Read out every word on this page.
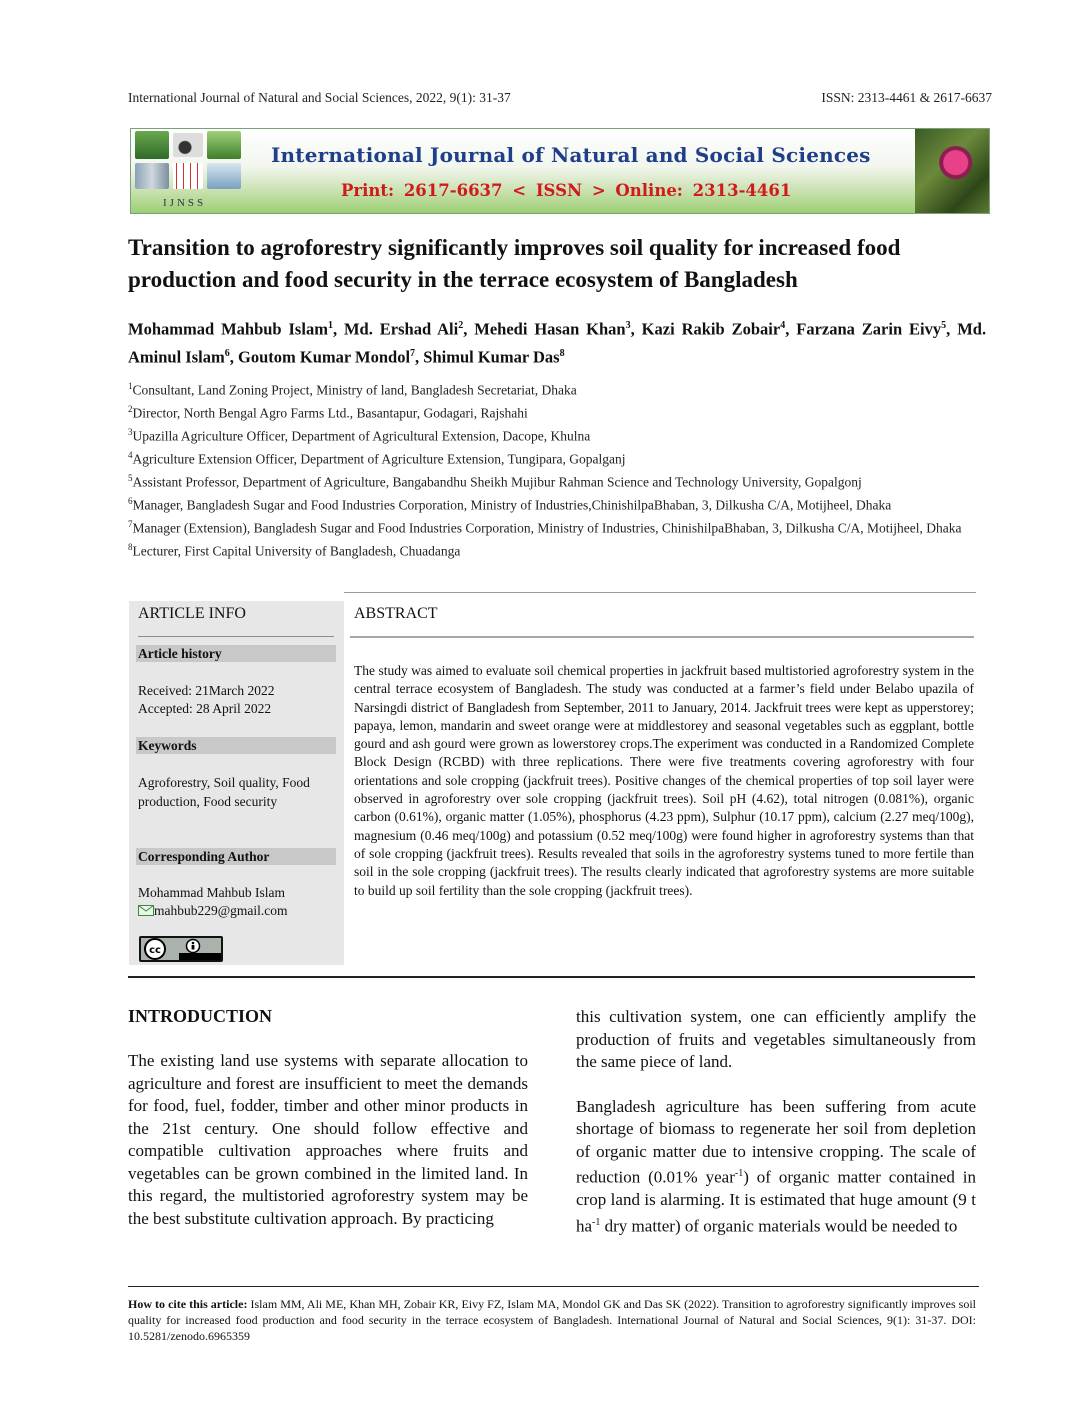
International Journal of Natural and Social Sciences, 2022, 9(1): 31-37	ISSN: 2313-4461 & 2617-6637
IJNSS
International Journal of Natural and Social Sciences
Print: 2617-6637 < ISSN > Online: 2313-4461
Transition to agroforestry significantly improves soil quality for increased food production and food security in the terrace ecosystem of Bangladesh
Mohammad Mahbub Islam$^1$, Md. Ershad Ali$^2$, Mehedi Hasan Khan$^3$, Kazi Rakib Zobair$^4$, Farzana Zarin Eivy$^5$, Md. Aminul Islam$^6$, Goutom Kumar Mondol$^7$, Shimul Kumar Das$^8$
$^1$Consultant, Land Zoning Project, Ministry of land, Bangladesh Secretariat, Dhaka
$^2$Director, North Bengal Agro Farms Ltd., Basantapur, Godagari, Rajshahi
$^3$Upazilla Agriculture Officer, Department of Agricultural Extension, Dacope, Khulna
$^4$Agriculture Extension Officer, Department of Agriculture Extension, Tungipara, Gopalganj
$^5$Assistant Professor, Department of Agriculture, Bangabandhu Sheikh Mujibur Rahman Science and Technology University, Gopalgonj
$^6$Manager, Bangladesh Sugar and Food Industries Corporation, Ministry of Industries,ChinishilpaBhaban, 3, Dilkusha C/A, Motijheel, Dhaka
$^7$Manager (Extension), Bangladesh Sugar and Food Industries Corporation, Ministry of Industries, ChinishilpaBhaban, 3, Dilkusha C/A, Motijheel, Dhaka
$^8$Lecturer, First Capital University of Bangladesh, Chuadanga
ARTICLE INFO
Article history
Received: 21March 2022
Accepted: 28 April 2022
Keywords
Agroforestry, Soil quality, Food production, Food security
Corresponding Author
Mohammad Mahbub Islam
mahbub229@gmail.com
cc
ABSTRACT
The study was aimed to evaluate soil chemical properties in jackfruit based multistoried agroforestry system in the central terrace ecosystem of Bangladesh. The study was conducted at a farmer’s field under Belabo upazila of Narsingdi district of Bangladesh from September, 2011 to January, 2014. Jackfruit trees were kept as upperstorey; papaya, lemon, mandarin and sweet orange were at middlestorey and seasonal vegetables such as eggplant, bottle gourd and ash gourd were grown as lowerstorey crops.The experiment was conducted in a Randomized Complete Block Design (RCBD) with three replications. There were five treatments covering agroforestry with four orientations and sole cropping (jackfruit trees). Positive changes of the chemical properties of top soil layer were observed in agroforestry over sole cropping (jackfruit trees). Soil pH (4.62), total nitrogen (0.081%), organic carbon (0.61%), organic matter (1.05%), phosphorus (4.23 ppm), Sulphur (10.17 ppm), calcium (2.27 meq/100g), magnesium (0.46 meq/100g) and potassium (0.52 meq/100g) were found higher in agroforestry systems than that of sole cropping (jackfruit trees). Results revealed that soils in the agroforestry systems tuned to more fertile than soil in the sole cropping (jackfruit trees). The results clearly indicated that agroforestry systems are more suitable to build up soil fertility than the sole cropping (jackfruit trees).
INTRODUCTION

The existing land use systems with separate allocation to agriculture and forest are insufficient to meet the demands for food, fuel, fodder, timber and other minor products in the 21st century. One should follow effective and compatible cultivation approaches where fruits and vegetables can be grown combined in the limited land. In this regard, the multistoried agroforestry system may be the best substitute cultivation approach. By practicing

this cultivation system, one can efficiently amplify the production of fruits and vegetables simultaneously from the same piece of land.

Bangladesh agriculture has been suffering from acute shortage of biomass to regenerate her soil from depletion of organic matter due to intensive cropping. The scale of reduction (0.01% year$^{-1}$) of organic matter contained in crop land is alarming. It is estimated that huge amount (9 t $ha^{-1}$ dry matter) of organic materials would be needed to

How to cite this article: Islam MM, Ali ME, Khan MH, Zobair KR, Eivy FZ, Islam MA, Mondol GK and Das SK (2022). Transition to agroforestry significantly improves soil quality for increased food production and food security in the terrace ecosystem of Bangladesh. International Journal of Natural and Social Sciences, 9(1): 31-37. DOI: 10.5281/zenodo.6965359
